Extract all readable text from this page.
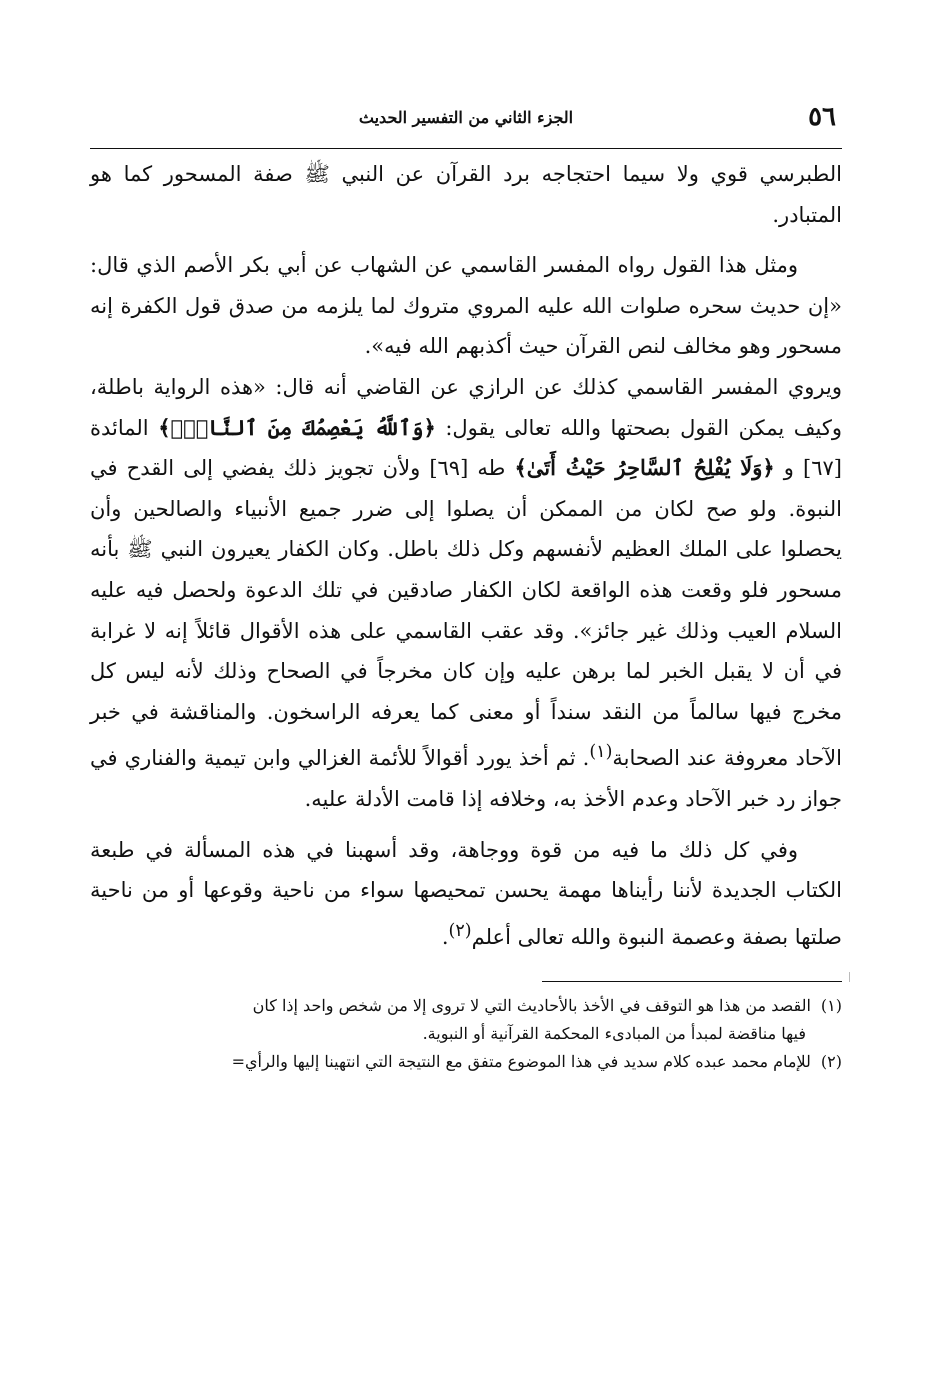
٥٦
الجزء الثاني من التفسير الحديث

الطبرسي قوي ولا سيما احتجاجه برد القرآن عن النبي ﷺ صفة المسحور كما هو المتبادر.

ومثل هذا القول رواه المفسر القاسمي عن الشهاب عن أبي بكر الأصم الذي قال: «إن حديث سحره صلوات الله عليه المروي متروك لما يلزمه من صدق قول الكفرة إنه مسحور وهو مخالف لنص القرآن حيث أكذبهم الله فيه».

ويروي المفسر القاسمي كذلك عن الرازي عن القاضي أنه قال: «هذه الرواية باطلة، وكيف يمكن القول بصحتها والله تعالى يقول: ﴿وَٱللَّهُ يَعْصِمُكَ مِنَ ٱلنَّاسِۗ﴾ المائدة [٦٧] و ﴿وَلَا يُفْلِحُ ٱلسَّاحِرُ حَيْثُ أَتَىٰ﴾ طه [٦٩] ولأن تجويز ذلك يفضي إلى القدح في النبوة. ولو صح لكان من الممكن أن يصلوا إلى ضرر جميع الأنبياء والصالحين وأن يحصلوا على الملك العظيم لأنفسهم وكل ذلك باطل. وكان الكفار يعيرون النبي ﷺ بأنه مسحور فلو وقعت هذه الواقعة لكان الكفار صادقين في تلك الدعوة ولحصل فيه عليه السلام العيب وذلك غير جائز». وقد عقب القاسمي على هذه الأقوال قائلاً إنه لا غرابة في أن لا يقبل الخبر لما برهن عليه وإن كان مخرجاً في الصحاح وذلك لأنه ليس كل مخرج فيها سالماً من النقد سنداً أو معنى كما يعرفه الراسخون. والمناقشة في خبر الآحاد معروفة عند الصحابة$^{(١)}$. ثم أخذ يورد أقوالاً للأئمة الغزالي وابن تيمية والفناري في جواز رد خبر الآحاد وعدم الأخذ به، وخلافه إذا قامت الأدلة عليه.

وفي كل ذلك ما فيه من قوة ووجاهة، وقد أسهبنا في هذه المسألة في طبعة الكتاب الجديدة لأننا رأيناها مهمة يحسن تمحيصها سواء من ناحية وقوعها أو من ناحية صلتها بصفة وعصمة النبوة والله تعالى أعلم$^{(٢)}$.

(١)
القصد من هذا هو التوقف في الأخذ بالأحاديث التي لا تروى إلا من شخص واحد إذا كان
فيها مناقضة لمبدأ من المبادىء المحكمة القرآنية أو النبوية.
(٢)
للإمام محمد عبده كلام سديد في هذا الموضوع متفق مع النتيجة التي انتهينا إليها والرأي=
